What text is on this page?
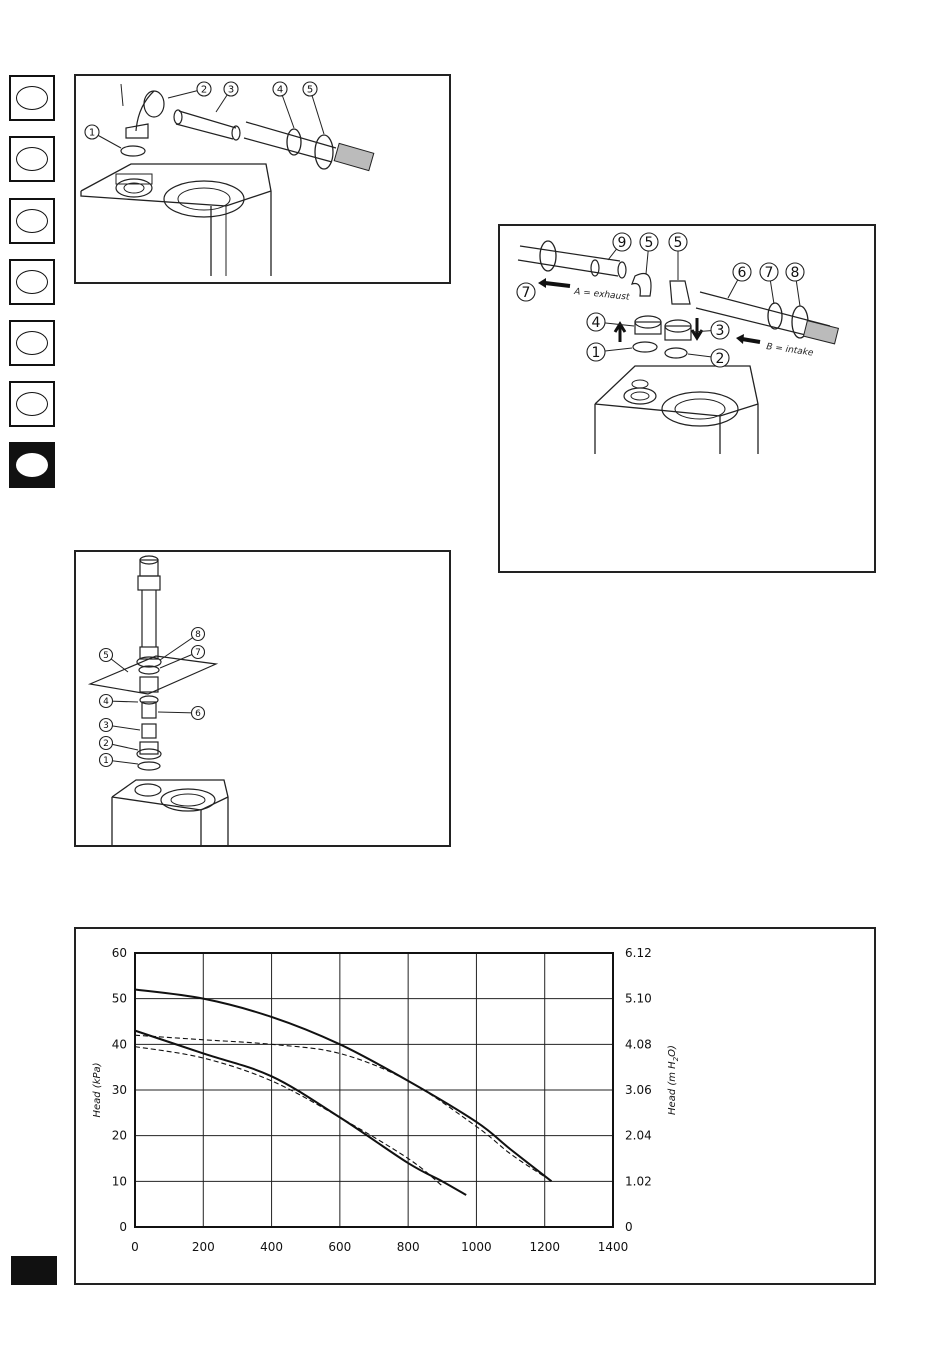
1
2 3	4 5
A = exhaust
B = intake
7
9 5 5
6 7 8
4	3
1	2
8
7
5
4
6
3
2
1
0	200	400	600	800	1000	1200	1400
0
10
20
30
40
50
60
0
1.02
2.04
3.06
4.08
5.10
6.12
Head (kPa)	Head (m $H_2O$)
